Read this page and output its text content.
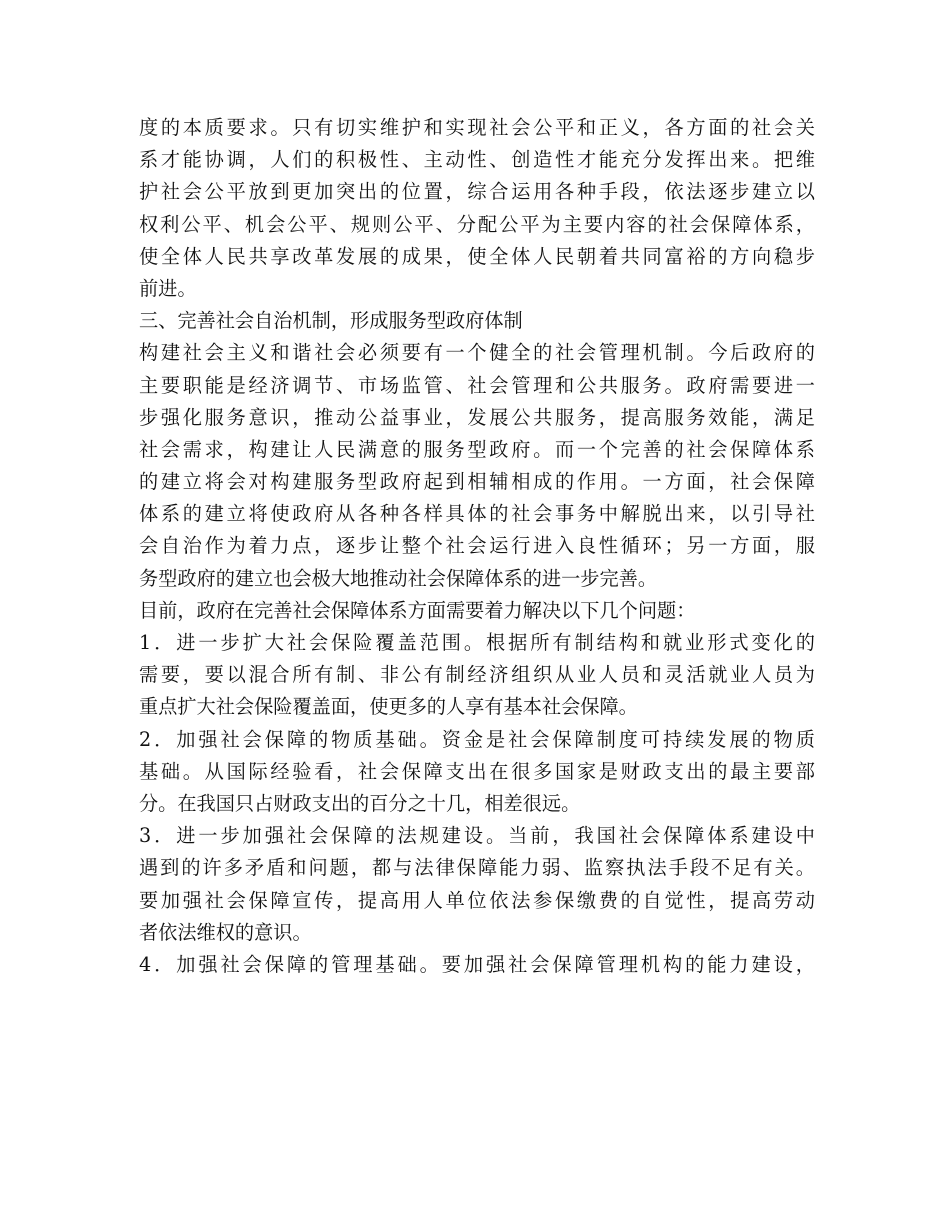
度的本质要求。只有切实维护和实现社会公平和正义，各方面的社会关
系才能协调，人们的积极性、主动性、创造性才能充分发挥出来。把维
护社会公平放到更加突出的位置，综合运用各种手段，依法逐步建立以
权利公平、机会公平、规则公平、分配公平为主要内容的社会保障体系，
使全体人民共享改革发展的成果，使全体人民朝着共同富裕的方向稳步
前进。
三、完善社会自治机制，形成服务型政府体制
构建社会主义和谐社会必须要有一个健全的社会管理机制。今后政府的
主要职能是经济调节、市场监管、社会管理和公共服务。政府需要进一
步强化服务意识，推动公益事业，发展公共服务，提高服务效能，满足
社会需求，构建让人民满意的服务型政府。而一个完善的社会保障体系
的建立将会对构建服务型政府起到相辅相成的作用。一方面，社会保障
体系的建立将使政府从各种各样具体的社会事务中解脱出来，以引导社
会自治作为着力点，逐步让整个社会运行进入良性循环；另一方面，服
务型政府的建立也会极大地推动社会保障体系的进一步完善。
目前，政府在完善社会保障体系方面需要着力解决以下几个问题：
1．进一步扩大社会保险覆盖范围。根据所有制结构和就业形式变化的
需要，要以混合所有制、非公有制经济组织从业人员和灵活就业人员为
重点扩大社会保险覆盖面，使更多的人享有基本社会保障。
2．加强社会保障的物质基础。资金是社会保障制度可持续发展的物质
基础。从国际经验看，社会保障支出在很多国家是财政支出的最主要部
分。在我国只占财政支出的百分之十几，相差很远。
3．进一步加强社会保障的法规建设。当前，我国社会保障体系建设中
遇到的许多矛盾和问题，都与法律保障能力弱、监察执法手段不足有关。
要加强社会保障宣传，提高用人单位依法参保缴费的自觉性，提高劳动
者依法维权的意识。
4．加强社会保障的管理基础。要加强社会保障管理机构的能力建设，
